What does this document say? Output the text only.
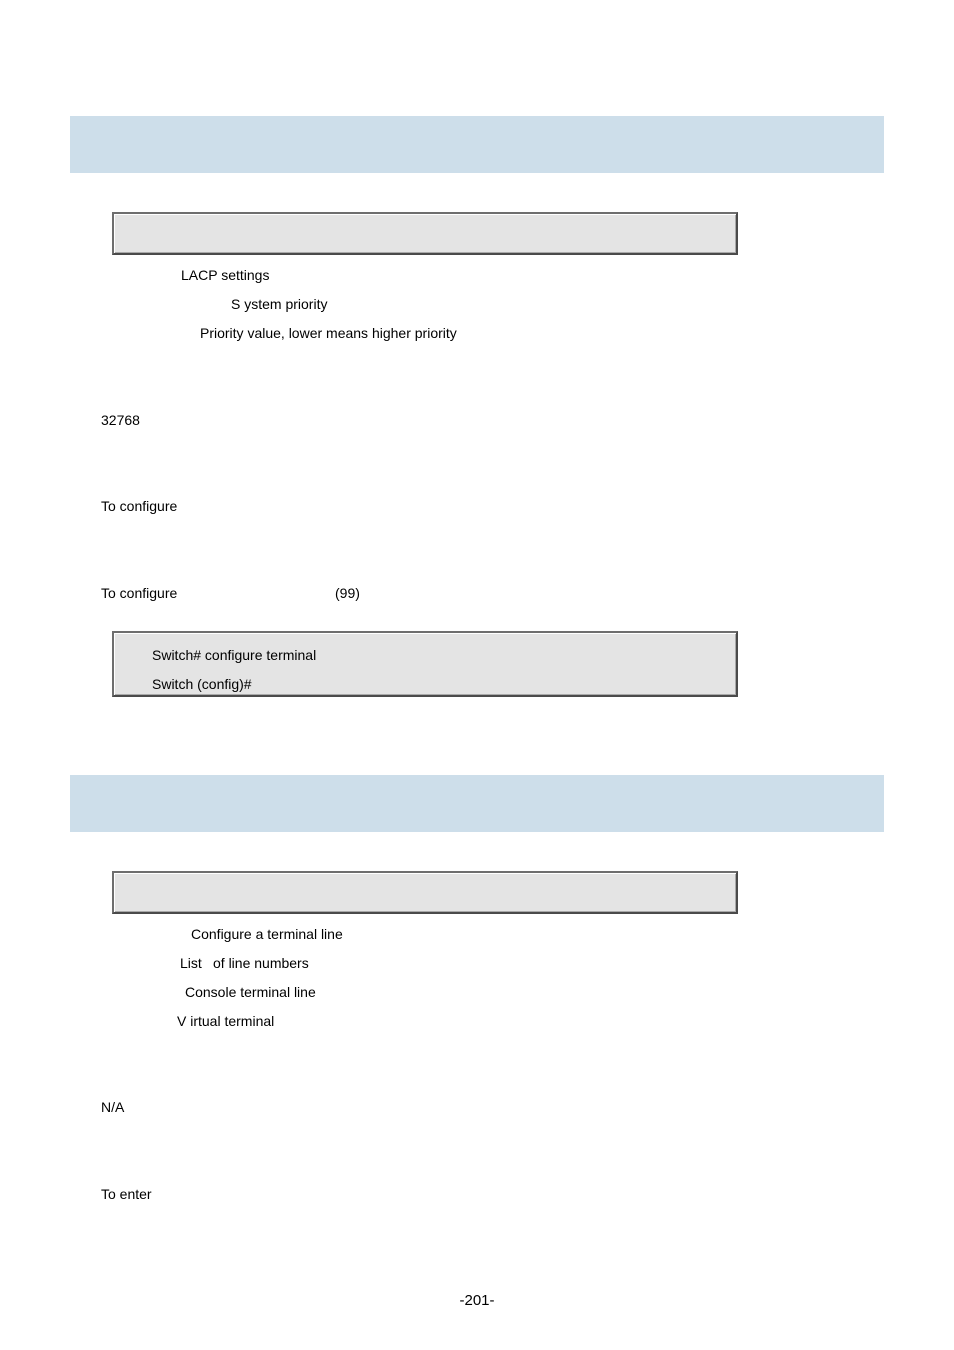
LACP settings
S ystem priority
Priority value, lower means higher priority
32768
To configure
To configure	(99)
Switch# configure terminal
Switch (config)#
Configure a terminal line
List of line numbers
Console terminal line
V irtual terminal
N/A
To enter
-201-
